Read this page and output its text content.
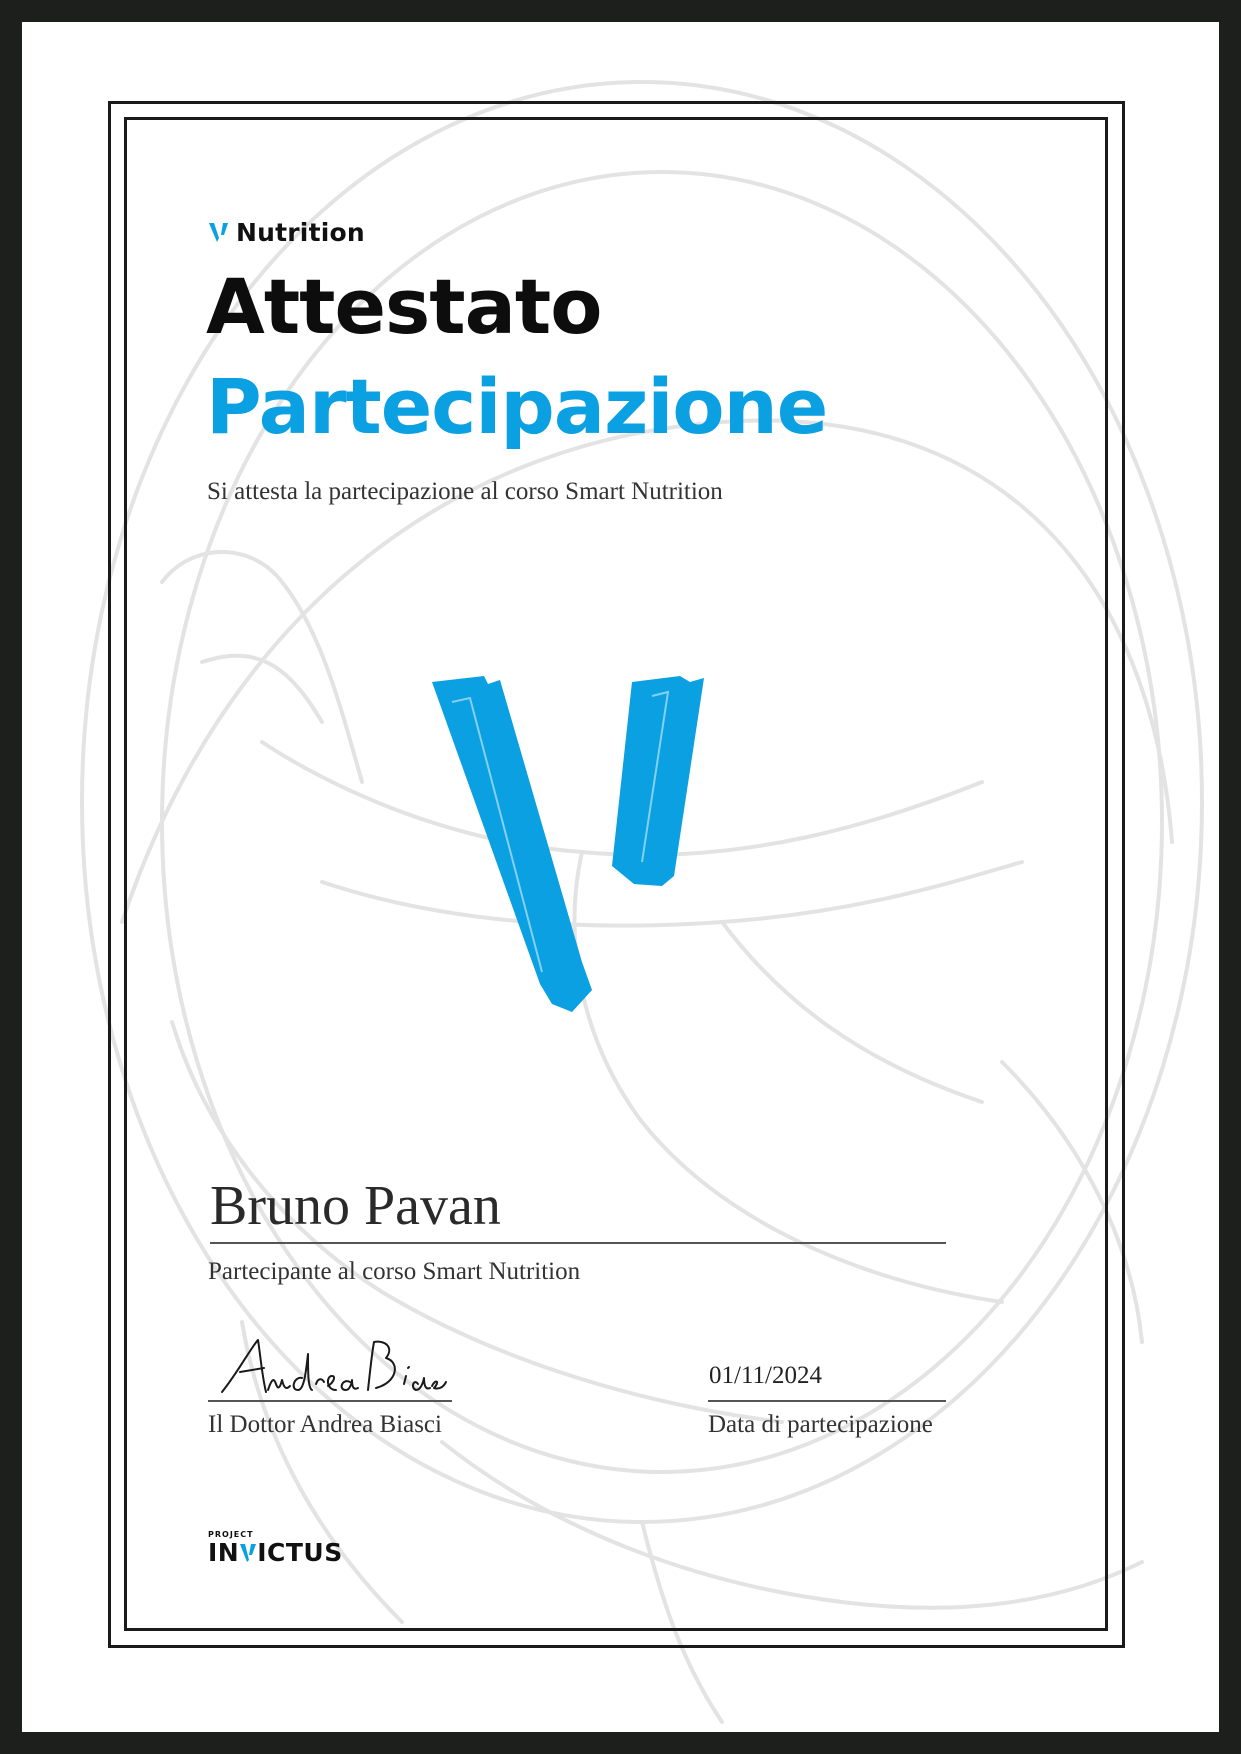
Nutrition
Attestato
Partecipazione
Si attesta la partecipazione al corso Smart Nutrition
Bruno Pavan
Partecipante al corso Smart Nutrition
Il Dottor Andrea Biasci
01/11/2024
Data di partecipazione
PROJECT
IN ICTUS
